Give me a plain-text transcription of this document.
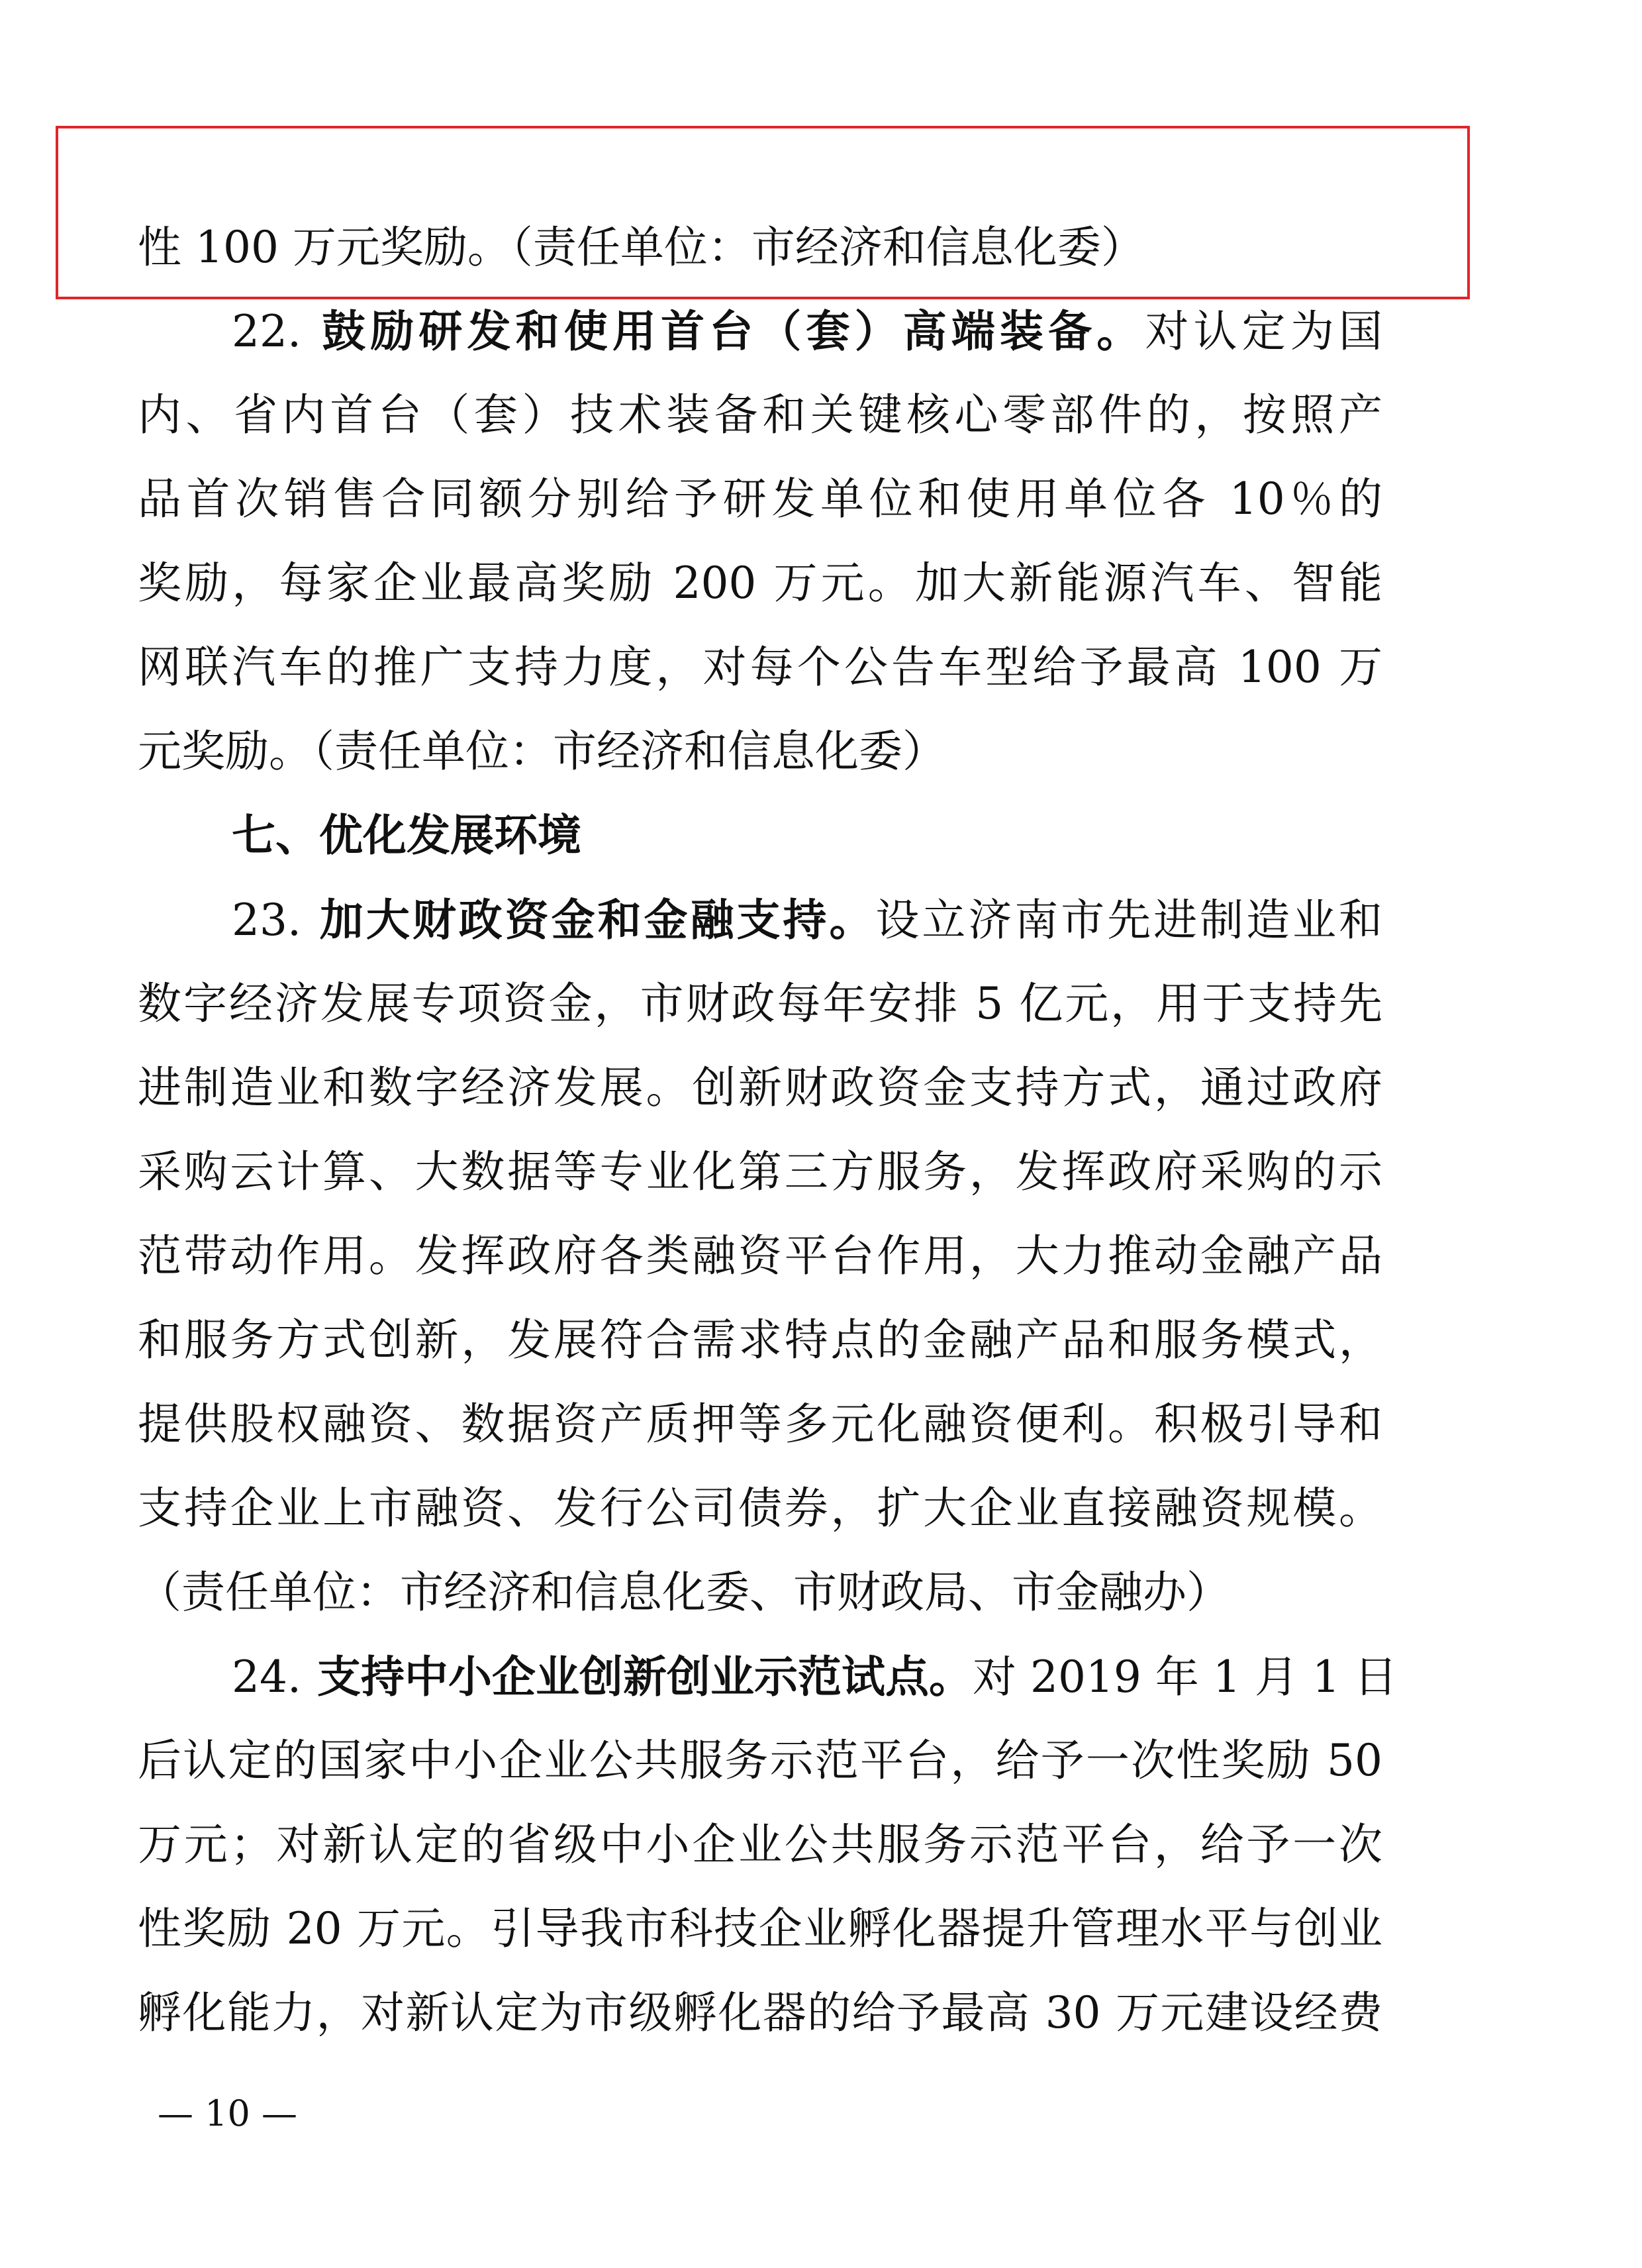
性 100 万元奖励。（责任单位：市经济和信息化委）
22. 鼓励研发和使用首台（套）高端装备。对认定为国
内、省内首台（套）技术装备和关键核心零部件的，按照产
品首次销售合同额分别给予研发单位和使用单位各 10％的
奖励，每家企业最高奖励 200 万元。加大新能源汽车、智能
网联汽车的推广支持力度，对每个公告车型给予最高 100 万
元奖励。（责任单位：市经济和信息化委）
七、优化发展环境
23. 加大财政资金和金融支持。设立济南市先进制造业和
数字经济发展专项资金，市财政每年安排 5 亿元，用于支持先
进制造业和数字经济发展。创新财政资金支持方式，通过政府
采购云计算、大数据等专业化第三方服务，发挥政府采购的示
范带动作用。发挥政府各类融资平台作用，大力推动金融产品
和服务方式创新，发展符合需求特点的金融产品和服务模式，
提供股权融资、数据资产质押等多元化融资便利。积极引导和
支持企业上市融资、发行公司债券，扩大企业直接融资规模。
（责任单位：市经济和信息化委、市财政局、市金融办）
24. 支持中小企业创新创业示范试点。对 2019 年 1 月 1 日
后认定的国家中小企业公共服务示范平台，给予一次性奖励 50
万元；对新认定的省级中小企业公共服务示范平台，给予一次
性奖励 20 万元。引导我市科技企业孵化器提升管理水平与创业
孵化能力，对新认定为市级孵化器的给予最高 30 万元建设经费
— 10 —
